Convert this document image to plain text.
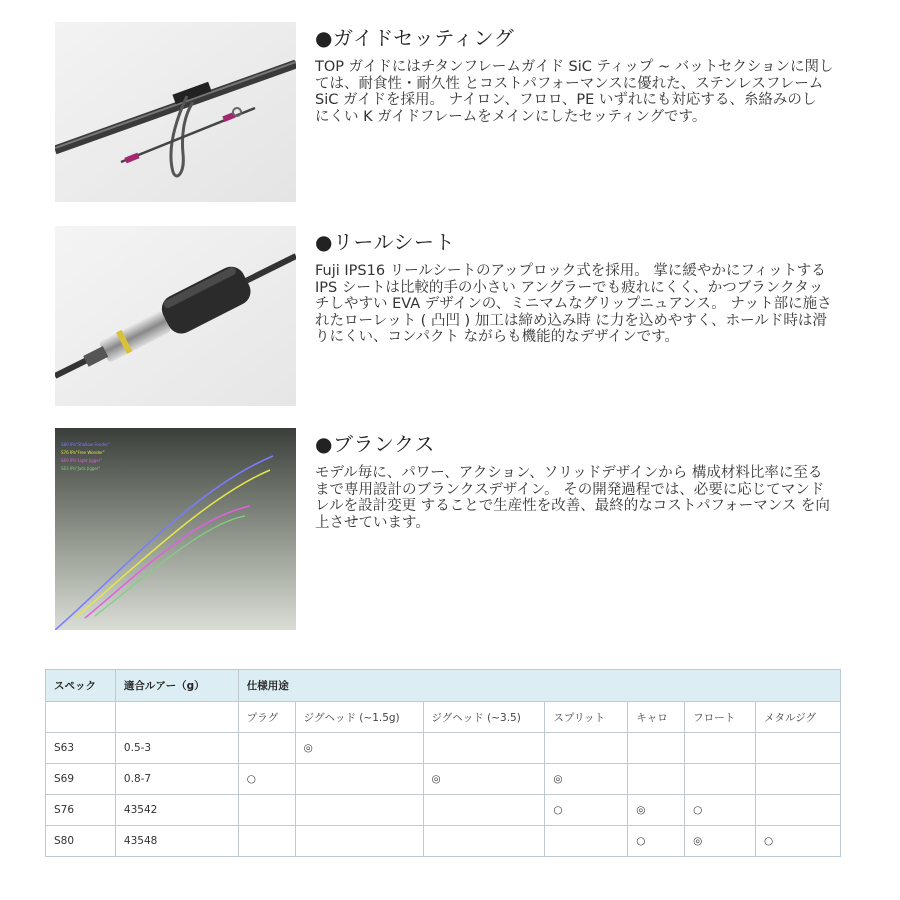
●ガイドセッティング

TOP ガイドにはチタンフレームガイド SiC ティップ ~ バットセクションに関しては、耐食性・耐久性 とコストパフォーマンスに優れた、ステンレスフレーム SiC ガイドを採用。 ナイロン、フロロ、PE いずれにも対応する、糸絡みのし にくい K ガイドフレームをメインにしたセッティングです。

●リールシート

Fuji IPS16 リールシートのアップロック式を採用。 掌に緩やかにフィットする IPS シートは比較的手の小さい アングラーでも疲れにくく、かつブランクタッチしやすい EVA デザインの、ミニマムなグリップニュアンス。 ナット部に施されたローレット ( 凸凹 ) 加工は締め込み時 に力を込めやすく、ホールド時は滑りにくい、コンパクト ながらも機能的なデザインです。

S80 IPa"Shallow Fender"
S76 IPa"Free Wonder"
S69 IPa"Light Jigger"
S63 IPa"Jack Jigger"
●ブランクス

モデル毎に、パワー、アクション、ソリッドデザインから 構成材料比率に至るまで専用設計のブランクスデザイン。 その開発過程では、必要に応じてマンドレルを設計変更 することで生産性を改善、最終的なコストパフォーマンス を向上させています。

スペック	適合ルアー（g）	仕様用途						
		プラグ	ジグヘッド (~1.5g)	ジグヘッド (~3.5)	スプリット	キャロ	フロート	メタルジグ
S63	0.5-3		◎					
S69	0.8-7	○		◎	◎			
S76	43542				○	◎	○	
S80	43548					○	◎	○
